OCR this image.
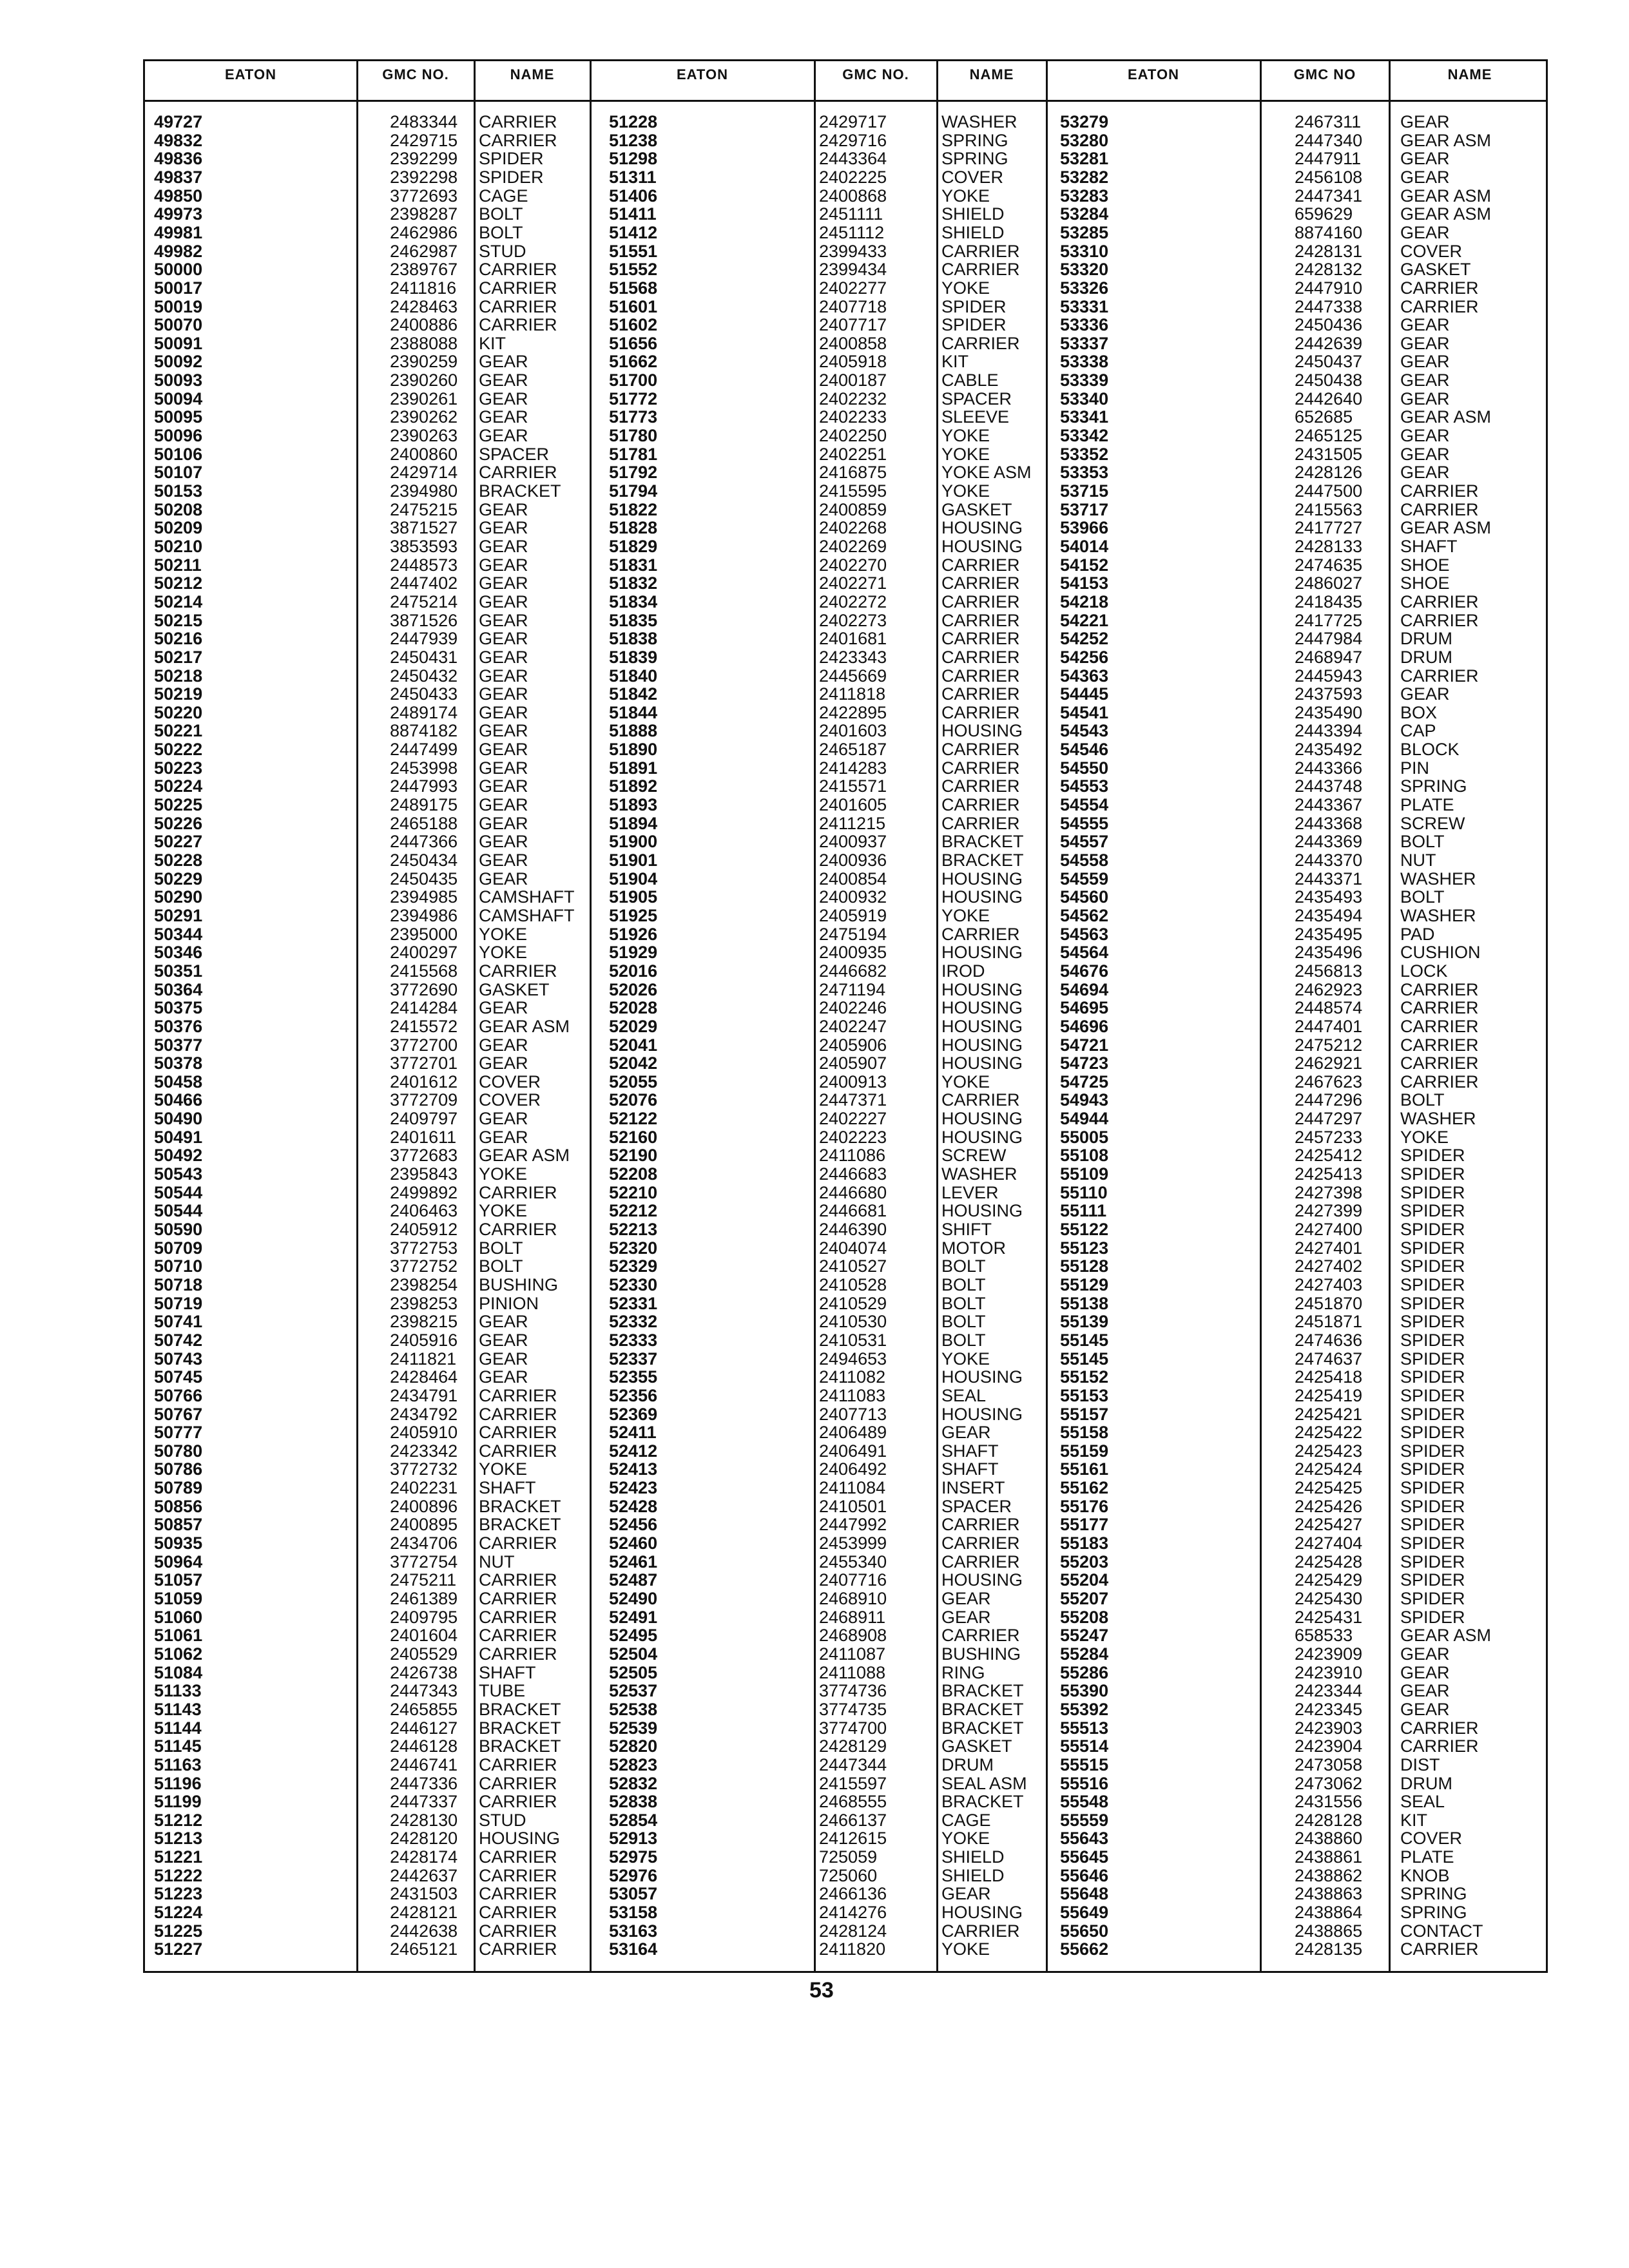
EATON	GMC NO.	NAME	EATON	GMC NO.	NAME	EATON	GMC NO	NAME
49727	2483344 CARRIER
49832	2429715 CARRIER
49836	2392299 SPIDER
49837	2392298 SPIDER
49850	3772693 CAGE
49973	2398287 BOLT
49981	2462986 BOLT
49982	2462987 STUD
50000	2389767 CARRIER
50017	2411816 CARRIER
50019	2428463 CARRIER
50070	2400886 CARRIER
50091	2388088 KIT
50092	2390259 GEAR
50093	2390260 GEAR
50094	2390261 GEAR
50095	2390262 GEAR
50096	2390263 GEAR
50106	2400860 SPACER
50107	2429714 CARRIER
50153	2394980 BRACKET
50208	2475215 GEAR
50209	3871527 GEAR
50210	3853593 GEAR
50211	2448573 GEAR
50212	2447402 GEAR
50214	2475214 GEAR
50215	3871526 GEAR
50216	2447939 GEAR
50217	2450431 GEAR
50218	2450432 GEAR
50219	2450433 GEAR
50220	2489174 GEAR
50221	8874182 GEAR
50222	2447499 GEAR
50223	2453998 GEAR
50224	2447993 GEAR
50225	2489175 GEAR
50226	2465188 GEAR
50227	2447366 GEAR
50228	2450434 GEAR
50229	2450435 GEAR
50290	2394985 CAMSHAFT
50291	2394986 CAMSHAFT
50344	2395000 YOKE
50346	2400297 YOKE
50351	2415568 CARRIER
50364	3772690 GASKET
50375	2414284 GEAR
50376	2415572 GEAR ASM
50377	3772700 GEAR
50378	3772701 GEAR
50458	2401612 COVER
50466	3772709 COVER
50490	2409797 GEAR
50491	2401611 GEAR
50492	3772683 GEAR ASM
50543	2395843 YOKE
50544	2499892 CARRIER
50544	2406463 YOKE
50590	2405912 CARRIER
50709	3772753 BOLT
50710	3772752 BOLT
50718	2398254 BUSHING
50719	2398253 PINION
50741	2398215 GEAR
50742	2405916 GEAR
50743	2411821 GEAR
50745	2428464 GEAR
50766	2434791 CARRIER
50767	2434792 CARRIER
50777	2405910 CARRIER
50780	2423342 CARRIER
50786	3772732 YOKE
50789	2402231 SHAFT
50856	2400896 BRACKET
50857	2400895 BRACKET
50935	2434706 CARRIER
50964	3772754 NUT
51057	2475211 CARRIER
51059	2461389 CARRIER
51060	2409795 CARRIER
51061	2401604 CARRIER
51062	2405529 CARRIER
51084	2426738 SHAFT
51133	2447343 TUBE
51143	2465855 BRACKET
51144	2446127 BRACKET
51145	2446128 BRACKET
51163	2446741 CARRIER
51196	2447336 CARRIER
51199	2447337 CARRIER
51212	2428130 STUD
51213	2428120 HOUSING
51221	2428174 CARRIER
51222	2442637 CARRIER
51223	2431503 CARRIER
51224	2428121 CARRIER
51225	2442638 CARRIER
51227	2465121 CARRIER
51228	2429717	WASHER
51238	2429716	SPRING
51298	2443364	SPRING
51311	2402225	COVER
51406	2400868	YOKE
51411	2451111	SHIELD
51412	2451112	SHIELD
51551	2399433	CARRIER
51552	2399434	CARRIER
51568	2402277	YOKE
51601	2407718	SPIDER
51602	2407717	SPIDER
51656	2400858	CARRIER
51662	2405918	KIT
51700	2400187	CABLE
51772	2402232	SPACER
51773	2402233	SLEEVE
51780	2402250	YOKE
51781	2402251	YOKE
51792	2416875	YOKE ASM
51794	2415595	YOKE
51822	2400859	GASKET
51828	2402268	HOUSING
51829	2402269	HOUSING
51831	2402270	CARRIER
51832	2402271	CARRIER
51834	2402272	CARRIER
51835	2402273	CARRIER
51838	2401681	CARRIER
51839	2423343	CARRIER
51840	2445669	CARRIER
51842	2411818	CARRIER
51844	2422895	CARRIER
51888	2401603	HOUSING
51890	2465187	CARRIER
51891	2414283	CARRIER
51892	2415571	CARRIER
51893	2401605	CARRIER
51894	2411215	CARRIER
51900	2400937	BRACKET
51901	2400936	BRACKET
51904	2400854	HOUSING
51905	2400932	HOUSING
51925	2405919	YOKE
51926	2475194	CARRIER
51929	2400935	HOUSING
52016	2446682	IROD
52026	2471194	HOUSING
52028	2402246	HOUSING
52029	2402247	HOUSING
52041	2405906	HOUSING
52042	2405907	HOUSING
52055	2400913	YOKE
52076	2447371	CARRIER
52122	2402227	HOUSING
52160	2402223	HOUSING
52190	2411086	SCREW
52208	2446683	WASHER
52210	2446680	LEVER
52212	2446681	HOUSING
52213	2446390	SHIFT
52320	2404074	MOTOR
52329	2410527	BOLT
52330	2410528	BOLT
52331	2410529	BOLT
52332	2410530	BOLT
52333	2410531	BOLT
52337	2494653	YOKE
52355	2411082	HOUSING
52356	2411083	SEAL
52369	2407713	HOUSING
52411	2406489	GEAR
52412	2406491	SHAFT
52413	2406492	SHAFT
52423	2411084	INSERT
52428	2410501	SPACER
52456	2447992	CARRIER
52460	2453999	CARRIER
52461	2455340	CARRIER
52487	2407716	HOUSING
52490	2468910	GEAR
52491	2468911	GEAR
52495	2468908	CARRIER
52504	2411087	BUSHING
52505	2411088	RING
52537	3774736	BRACKET
52538	3774735	BRACKET
52539	3774700	BRACKET
52820	2428129	GASKET
52823	2447344	DRUM
52832	2415597	SEAL ASM
52838	2468555	BRACKET
52854	2466137	CAGE
52913	2412615	YOKE
52975	725059	SHIELD
52976	725060	SHIELD
53057	2466136	GEAR
53158	2414276	HOUSING
53163	2428124	CARRIER
53164	2411820	YOKE
53279	2467311 GEAR
53280	2447340 GEAR ASM
53281	2447911 GEAR
53282	2456108 GEAR
53283	2447341 GEAR ASM
53284	659629	GEAR ASM
53285	8874160 GEAR
53310	2428131 COVER
53320	2428132 GASKET
53326	2447910 CARRIER
53331	2447338 CARRIER
53336	2450436 GEAR
53337	2442639 GEAR
53338	2450437 GEAR
53339	2450438 GEAR
53340	2442640 GEAR
53341	652685	GEAR ASM
53342	2465125 GEAR
53352	2431505 GEAR
53353	2428126 GEAR
53715	2447500 CARRIER
53717	2415563 CARRIER
53966	2417727 GEAR ASM
54014	2428133 SHAFT
54152	2474635 SHOE
54153	2486027 SHOE
54218	2418435 CARRIER
54221	2417725 CARRIER
54252	2447984 DRUM
54256	2468947 DRUM
54363	2445943 CARRIER
54445	2437593 GEAR
54541	2435490 BOX
54543	2443394 CAP
54546	2435492 BLOCK
54550	2443366 PIN
54553	2443748 SPRING
54554	2443367 PLATE
54555	2443368 SCREW
54557	2443369 BOLT
54558	2443370 NUT
54559	2443371 WASHER
54560	2435493 BOLT
54562	2435494 WASHER
54563	2435495 PAD
54564	2435496 CUSHION
54676	2456813 LOCK
54694	2462923 CARRIER
54695	2448574 CARRIER
54696	2447401 CARRIER
54721	2475212 CARRIER
54723	2462921 CARRIER
54725	2467623 CARRIER
54943	2447296 BOLT
54944	2447297 WASHER
55005	2457233 YOKE
55108	2425412 SPIDER
55109	2425413 SPIDER
55110	2427398 SPIDER
55111	2427399 SPIDER
55122	2427400 SPIDER
55123	2427401 SPIDER
55128	2427402 SPIDER
55129	2427403 SPIDER
55138	2451870 SPIDER
55139	2451871 SPIDER
55145	2474636 SPIDER
55145	2474637 SPIDER
55152	2425418 SPIDER
55153	2425419 SPIDER
55157	2425421 SPIDER
55158	2425422 SPIDER
55159	2425423 SPIDER
55161	2425424 SPIDER
55162	2425425 SPIDER
55176	2425426 SPIDER
55177	2425427 SPIDER
55183	2427404 SPIDER
55203	2425428 SPIDER
55204	2425429 SPIDER
55207	2425430 SPIDER
55208	2425431 SPIDER
55247	658533	GEAR ASM
55284	2423909 GEAR
55286	2423910 GEAR
55390	2423344 GEAR
55392	2423345 GEAR
55513	2423903 CARRIER
55514	2423904 CARRIER
55515	2473058 DIST
55516	2473062 DRUM
55548	2431556 SEAL
55559	2428128 KIT
55643	2438860 COVER
55645	2438861 PLATE
55646	2438862 KNOB
55648	2438863 SPRING
55649	2438864 SPRING
55650	2438865 CONTACT
55662	2428135 CARRIER
53
